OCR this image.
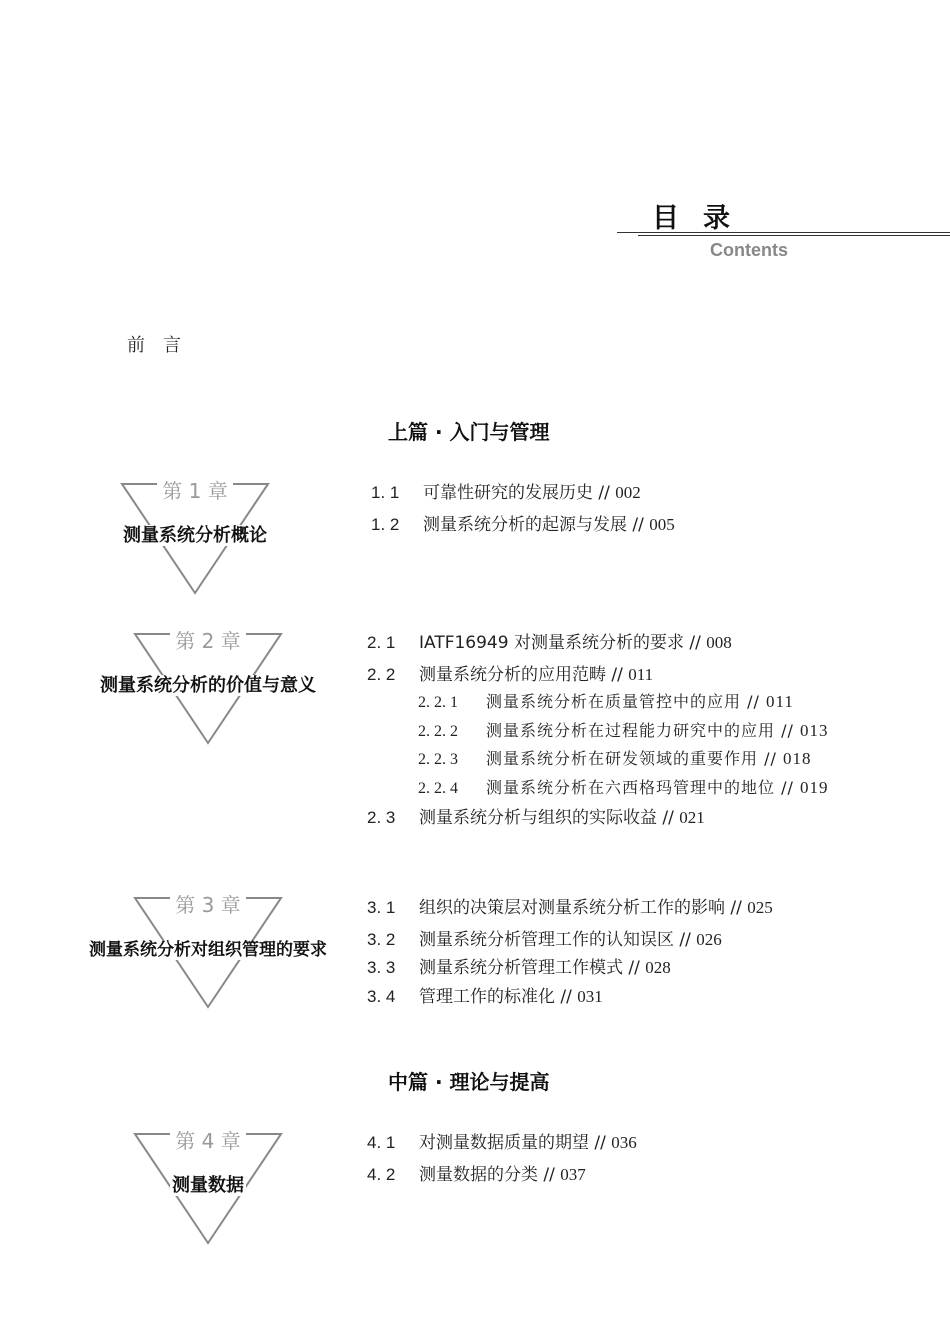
目录
Contents
前言
上篇 · 入门与管理
第 1 章
测量系统分析概论
1. 1 可靠性研究的发展历史 // 002
1. 2 测量系统分析的起源与发展 // 005
第 2 章
测量系统分析的价值与意义
2. 1 IATF16949 对测量系统分析的要求 // 008
2. 2 测量系统分析的应用范畴 // 011
2. 2. 1 测量系统分析在质量管控中的应用 // 011
2. 2. 2 测量系统分析在过程能力研究中的应用 // 013
2. 2. 3 测量系统分析在研发领域的重要作用 // 018
2. 2. 4 测量系统分析在六西格玛管理中的地位 // 019
2. 3 测量系统分析与组织的实际收益 // 021
第 3 章
测量系统分析对组织管理的要求
3. 1 组织的决策层对测量系统分析工作的影响 // 025
3. 2 测量系统分析管理工作的认知误区 // 026
3. 3 测量系统分析管理工作模式 // 028
3. 4 管理工作的标准化 // 031
中篇 · 理论与提高
第 4 章
测量数据
4. 1 对测量数据质量的期望 // 036
4. 2 测量数据的分类 // 037
